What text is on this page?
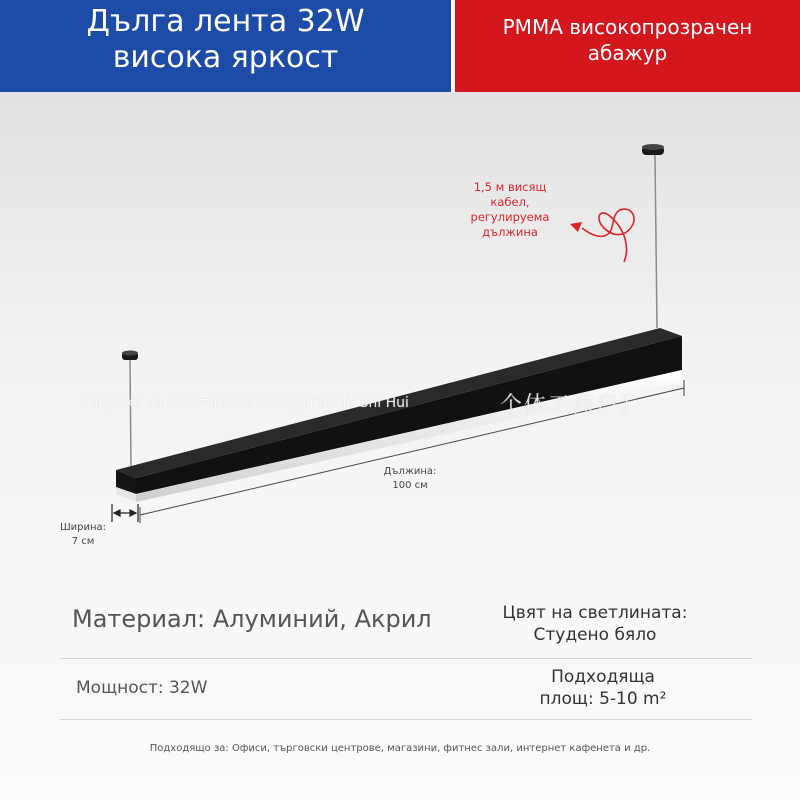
Дълга лента 32W
висока яркост
PMMA високопрозрачен
абажур
1,5 м висящ
кабел,
регулируема
дължина
Фабрика за осветление Zhongshan Te Shi Hui	个体工商户）
Дължина:
100 см
Ширина:
7 см
Материал: Алуминий, Акрил	Цвят на светлината:
Студено бяло
Мощност: 32W
Подходяща
площ: 5-10 m²
Подходящо за: Офиси, търговски центрове, магазини, фитнес зали, интернет кафенета и др.
